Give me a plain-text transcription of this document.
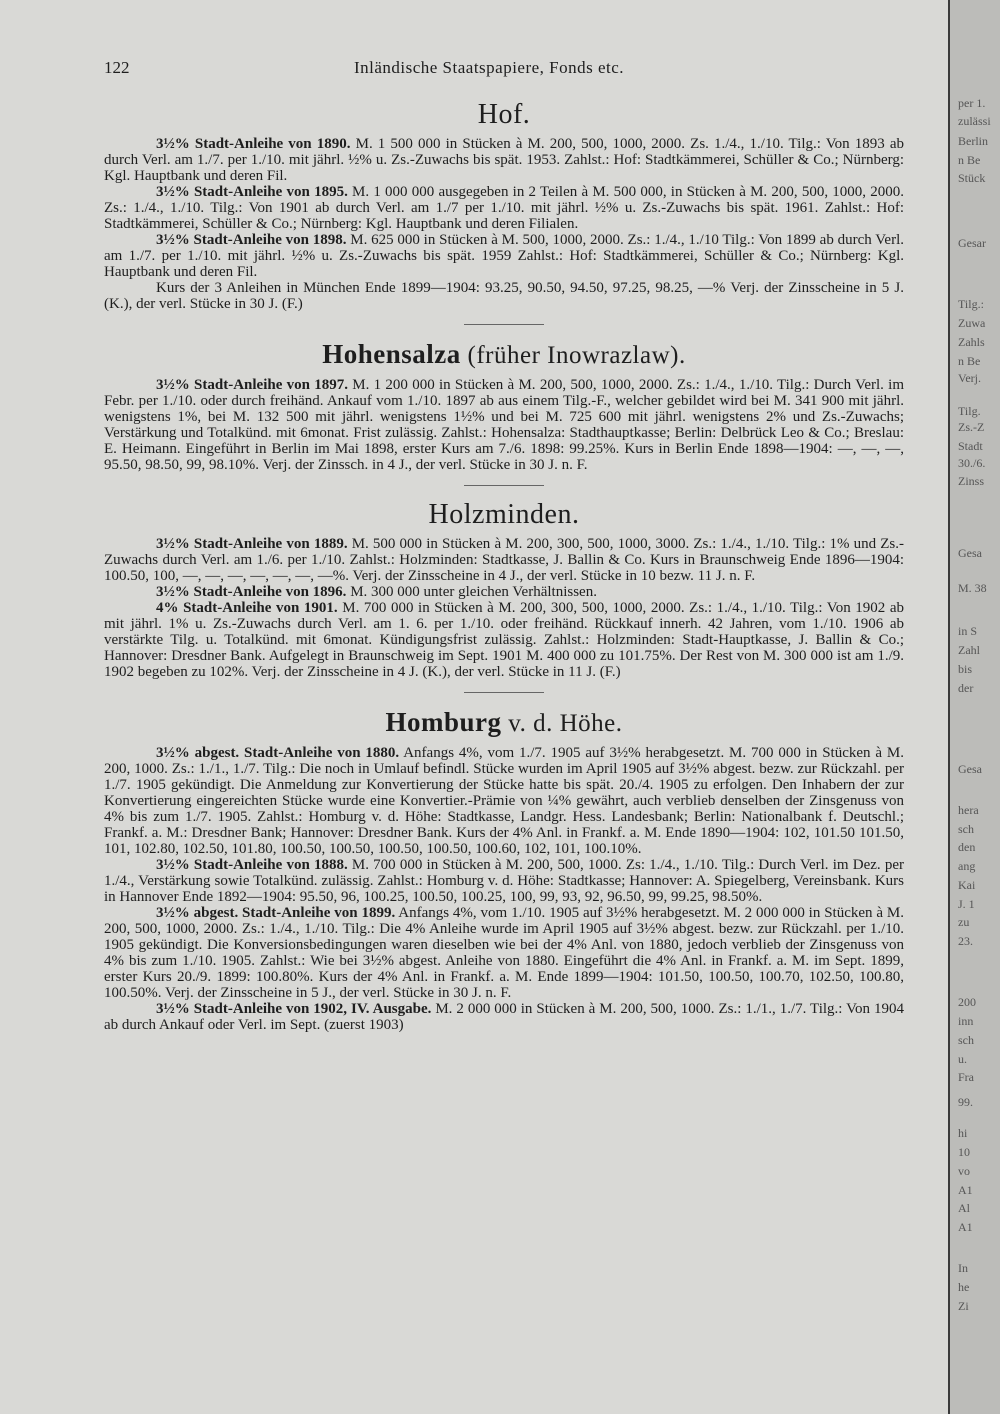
122	Inländische Staatspapiere, Fonds etc.
Hof.

3½% Stadt-Anleihe von 1890. M. 1 500 000 in Stücken à M. 200, 500, 1000, 2000. Zs. 1./4., 1./10. Tilg.: Von 1893 ab durch Verl. am 1./7. per 1./10. mit jährl. ½% u. Zs.-Zuwachs bis spät. 1953. Zahlst.: Hof: Stadtkämmerei, Schüller & Co.; Nürnberg: Kgl. Hauptbank und deren Fil.

3½% Stadt-Anleihe von 1895. M. 1 000 000 ausgegeben in 2 Teilen à M. 500 000, in Stücken à M. 200, 500, 1000, 2000. Zs.: 1./4., 1./10. Tilg.: Von 1901 ab durch Verl. am 1./7 per 1./10. mit jährl. ½% u. Zs.-Zuwachs bis spät. 1961. Zahlst.: Hof: Stadtkämmerei, Schüller & Co.; Nürnberg: Kgl. Hauptbank und deren Filialen.

3½% Stadt-Anleihe von 1898. M. 625 000 in Stücken à M. 500, 1000, 2000. Zs.: 1./4., 1./10 Tilg.: Von 1899 ab durch Verl. am 1./7. per 1./10. mit jährl. ½% u. Zs.-Zuwachs bis spät. 1959 Zahlst.: Hof: Stadtkämmerei, Schüller & Co.; Nürnberg: Kgl. Hauptbank und deren Fil.

Kurs der 3 Anleihen in München Ende 1899—1904: 93.25, 90.50, 94.50, 97.25, 98.25, —% Verj. der Zinsscheine in 5 J. (K.), der verl. Stücke in 30 J. (F.)

Hohensalza (früher Inowrazlaw).

3½% Stadt-Anleihe von 1897. M. 1 200 000 in Stücken à M. 200, 500, 1000, 2000. Zs.: 1./4., 1./10. Tilg.: Durch Verl. im Febr. per 1./10. oder durch freihänd. Ankauf vom 1./10. 1897 ab aus einem Tilg.-F., welcher gebildet wird bei M. 341 900 mit jährl. wenigstens 1%, bei M. 132 500 mit jährl. wenigstens 1½% und bei M. 725 600 mit jährl. wenigstens 2% und Zs.-Zuwachs; Verstärkung und Totalkünd. mit 6monat. Frist zulässig. Zahlst.: Hohensalza: Stadthauptkasse; Berlin: Delbrück Leo & Co.; Breslau: E. Heimann. Eingeführt in Berlin im Mai 1898, erster Kurs am 7./6. 1898: 99.25%. Kurs in Berlin Ende 1898—1904: —, —, —, 95.50, 98.50, 99, 98.10%. Verj. der Zinssch. in 4 J., der verl. Stücke in 30 J. n. F.

Holzminden.

3½% Stadt-Anleihe von 1889. M. 500 000 in Stücken à M. 200, 300, 500, 1000, 3000. Zs.: 1./4., 1./10. Tilg.: 1% und Zs.-Zuwachs durch Verl. am 1./6. per 1./10. Zahlst.: Holzminden: Stadtkasse, J. Ballin & Co. Kurs in Braunschweig Ende 1896—1904: 100.50, 100, —, —, —, —, —, —, —%. Verj. der Zinsscheine in 4 J., der verl. Stücke in 10 bezw. 11 J. n. F.

3½% Stadt-Anleihe von 1896. M. 300 000 unter gleichen Verhältnissen.

4% Stadt-Anleihe von 1901. M. 700 000 in Stücken à M. 200, 300, 500, 1000, 2000. Zs.: 1./4., 1./10. Tilg.: Von 1902 ab mit jährl. 1% u. Zs.-Zuwachs durch Verl. am 1. 6. per 1./10. oder freihänd. Rückkauf innerh. 42 Jahren, vom 1./10. 1906 ab verstärkte Tilg. u. Totalkünd. mit 6monat. Kündigungsfrist zulässig. Zahlst.: Holzminden: Stadt-Hauptkasse, J. Ballin & Co.; Hannover: Dresdner Bank. Aufgelegt in Braunschweig im Sept. 1901 M. 400 000 zu 101.75%. Der Rest von M. 300 000 ist am 1./9. 1902 begeben zu 102%. Verj. der Zinsscheine in 4 J. (K.), der verl. Stücke in 11 J. (F.)

Homburg v. d. Höhe.

3½% abgest. Stadt-Anleihe von 1880. Anfangs 4%, vom 1./7. 1905 auf 3½% herabgesetzt. M. 700 000 in Stücken à M. 200, 1000. Zs.: 1./1., 1./7. Tilg.: Die noch in Umlauf befindl. Stücke wurden im April 1905 auf 3½% abgest. bezw. zur Rückzahl. per 1./7. 1905 gekündigt. Die Anmeldung zur Konvertierung der Stücke hatte bis spät. 20./4. 1905 zu erfolgen. Den Inhabern der zur Konvertierung eingereichten Stücke wurde eine Konvertier.-Prämie von ¼% gewährt, auch verblieb denselben der Zinsgenuss von 4% bis zum 1./7. 1905. Zahlst.: Homburg v. d. Höhe: Stadtkasse, Landgr. Hess. Landesbank; Berlin: Nationalbank f. Deutschl.; Frankf. a. M.: Dresdner Bank; Hannover: Dresdner Bank. Kurs der 4% Anl. in Frankf. a. M. Ende 1890—1904: 102, 101.50 101.50, 101, 102.80, 102.50, 101.80, 100.50, 100.50, 100.50, 100.50, 100.60, 102, 101, 100.10%.

3½% Stadt-Anleihe von 1888. M. 700 000 in Stücken à M. 200, 500, 1000. Zs: 1./4., 1./10. Tilg.: Durch Verl. im Dez. per 1./4., Verstärkung sowie Totalkünd. zulässig. Zahlst.: Homburg v. d. Höhe: Stadtkasse; Hannover: A. Spiegelberg, Vereinsbank. Kurs in Hannover Ende 1892—1904: 95.50, 96, 100.25, 100.50, 100.25, 100, 99, 93, 92, 96.50, 99, 99.25, 98.50%.

3½% abgest. Stadt-Anleihe von 1899. Anfangs 4%, vom 1./10. 1905 auf 3½% herabgesetzt. M. 2 000 000 in Stücken à M. 200, 500, 1000, 2000. Zs.: 1./4., 1./10. Tilg.: Die 4% Anleihe wurde im April 1905 auf 3½% abgest. bezw. zur Rückzahl. per 1./10. 1905 gekündigt. Die Konversionsbedingungen waren dieselben wie bei der 4% Anl. von 1880, jedoch verblieb der Zinsgenuss von 4% bis zum 1./10. 1905. Zahlst.: Wie bei 3½% abgest. Anleihe von 1880. Eingeführt die 4% Anl. in Frankf. a. M. im Sept. 1899, erster Kurs 20./9. 1899: 100.80%. Kurs der 4% Anl. in Frankf. a. M. Ende 1899—1904: 101.50, 100.50, 100.70, 102.50, 100.80, 100.50%. Verj. der Zinsscheine in 5 J., der verl. Stücke in 30 J. n. F.

3½% Stadt-Anleihe von 1902, IV. Ausgabe. M. 2 000 000 in Stücken à M. 200, 500, 1000. Zs.: 1./1., 1./7. Tilg.: Von 1904 ab durch Ankauf oder Verl. im Sept. (zuerst 1903)

per 1.
zulässi
Berlin
n Be
Stück
Gesar
Tilg.:
Zuwa
Zahls
n Be
Verj.
Tilg.
Zs.-Z
Stadt
30./6.
Zinss
Gesa
M. 38
in S
Zahl
bis
der
Gesa
hera
sch
den
ang
Kai
J. 1
zu
23.
200
inn
sch
u.
Fra
99.
hi
10
vo
A1
Al
A1
In
he
Zi
